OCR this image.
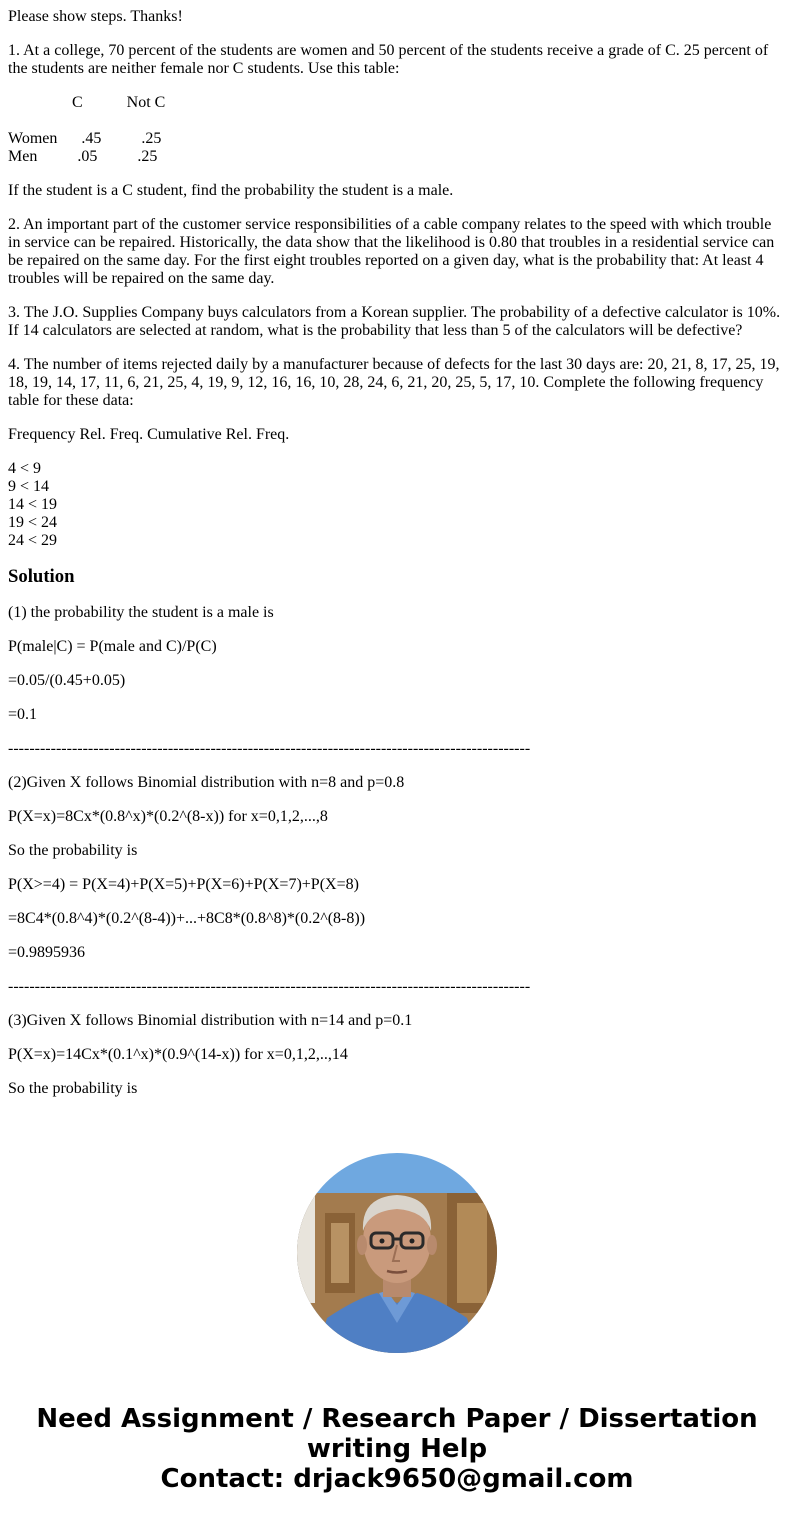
Please show steps. Thanks!

1. At a college, 70 percent of the students are women and 50 percent of the students receive a grade of C. 25 percent of the students are neither female nor C students. Use this table:

C           Not C

Women      .45          .25
Men          .05          .25

If the student is a C student, find the probability the student is a male.

2. An important part of the customer service responsibilities of a cable company relates to the speed with which trouble in service can be repaired. Historically, the data show that the likelihood is 0.80 that troubles in a residential service can be repaired on the same day. For the first eight troubles reported on a given day, what is the probability that: At least 4 troubles will be repaired on the same day.

3. The J.O. Supplies Company buys calculators from a Korean supplier. The probability of a defective calculator is 10%. If 14 calculators are selected at random, what is the probability that less than 5 of the calculators will be defective?

4. The number of items rejected daily by a manufacturer because of defects for the last 30 days are: 20, 21, 8, 17, 25, 19, 18, 19, 14, 17, 11, 6, 21, 25, 4, 19, 9, 12, 16, 16, 10, 28, 24, 6, 21, 20, 25, 5, 17, 10. Complete the following frequency table for these data:

Frequency Rel. Freq. Cumulative Rel. Freq.

4 < 9
9 < 14
14 < 19
19 < 24
24 < 29
Solution

(1) the probability the student is a male is

P(male|C) = P(male and C)/P(C)

=0.05/(0.45+0.05)

=0.1

--------------------------------------------------------------------------------------------------

(2)Given X follows Binomial distribution with n=8 and p=0.8

P(X=x)=8Cx*(0.8^x)*(0.2^(8-x)) for x=0,1,2,...,8

So the probability is

P(X>=4) = P(X=4)+P(X=5)+P(X=6)+P(X=7)+P(X=8)

=8C4*(0.8^4)*(0.2^(8-4))+...+8C8*(0.8^8)*(0.2^(8-8))

=0.9895936

--------------------------------------------------------------------------------------------------

(3)Given X follows Binomial distribution with n=14 and p=0.1

P(X=x)=14Cx*(0.1^x)*(0.9^(14-x)) for x=0,1,2,..,14

So the probability is

Need Assignment / Research Paper / Dissertation
writing Help
Contact: drjack9650@gmail.com
